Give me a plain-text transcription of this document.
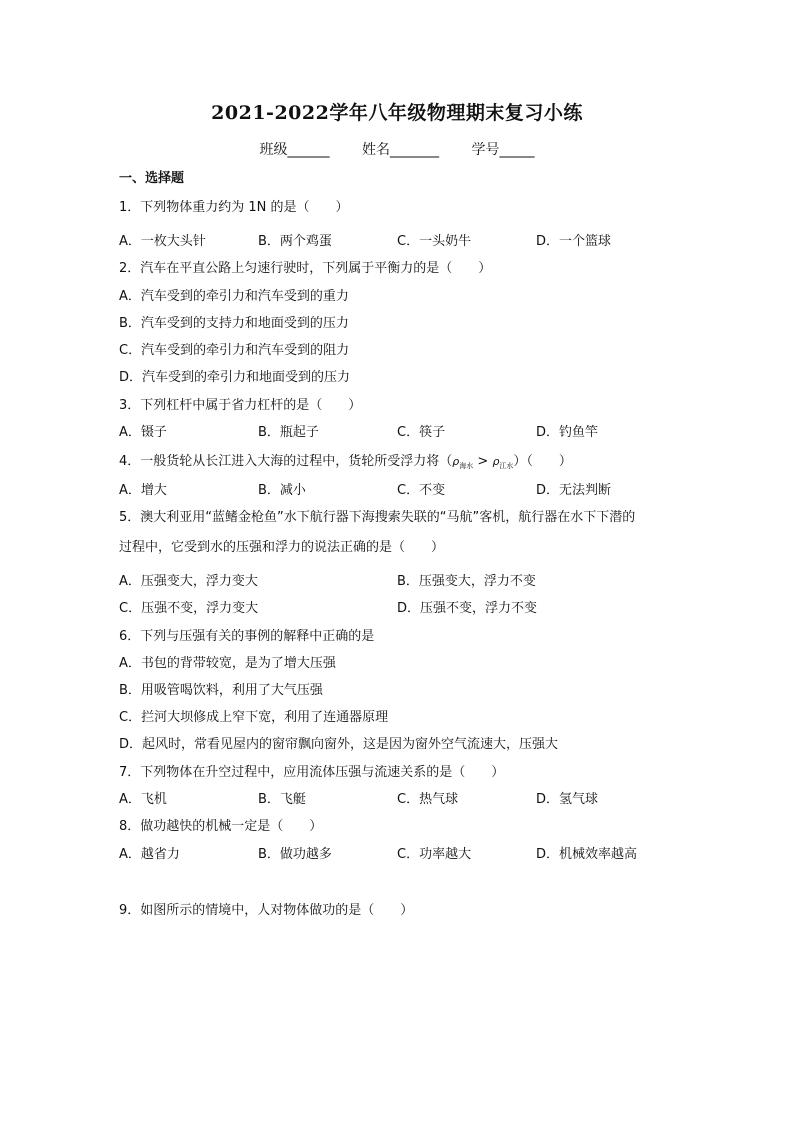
2021-2022学年八年级物理期末复习小练
班级______ 姓名_______ 学号_____
一、选择题
1．下列物体重力约为 1N 的是（　　）
A．一枚大头针	B．两个鸡蛋	C．一头奶牛	D．一个篮球
2．汽车在平直公路上匀速行驶时，下列属于平衡力的是（　　）
A．汽车受到的牵引力和汽车受到的重力
B．汽车受到的支持力和地面受到的压力
C．汽车受到的牵引力和汽车受到的阻力
D．汽车受到的牵引力和地面受到的压力
3．下列杠杆中属于省力杠杆的是（　　）
A．镊子	B．瓶起子	C．筷子	D．钓鱼竿
4．一般货轮从长江进入大海的过程中，货轮所受浮力将$(\rho_{海水} > \rho_{江水})$（　　）
A．增大	B．减小	C．不变	D．无法判断
5．澳大利亚用“蓝鳍金枪鱼”水下航行器下海搜索失联的“马航”客机，航行器在水下下潜的
过程中，它受到水的压强和浮力的说法正确的是（　　）
A．压强变大，浮力变大	B．压强变大，浮力不变
C．压强不变，浮力变大	D．压强不变，浮力不变
6．下列与压强有关的事例的解释中正确的是
A．书包的背带较宽，是为了增大压强
B．用吸管喝饮料，利用了大气压强
C．拦河大坝修成上窄下宽，利用了连通器原理
D．起风时，常看见屋内的窗帘飘向窗外，这是因为窗外空气流速大，压强大
7．下列物体在升空过程中，应用流体压强与流速关系的是（　　）
A．飞机	B．飞艇	C．热气球	D．氢气球
8．做功越快的机械一定是（　　）
A．越省力	B．做功越多	C．功率越大	D．机械效率越高
9．如图所示的情境中，人对物体做功的是（　　）
